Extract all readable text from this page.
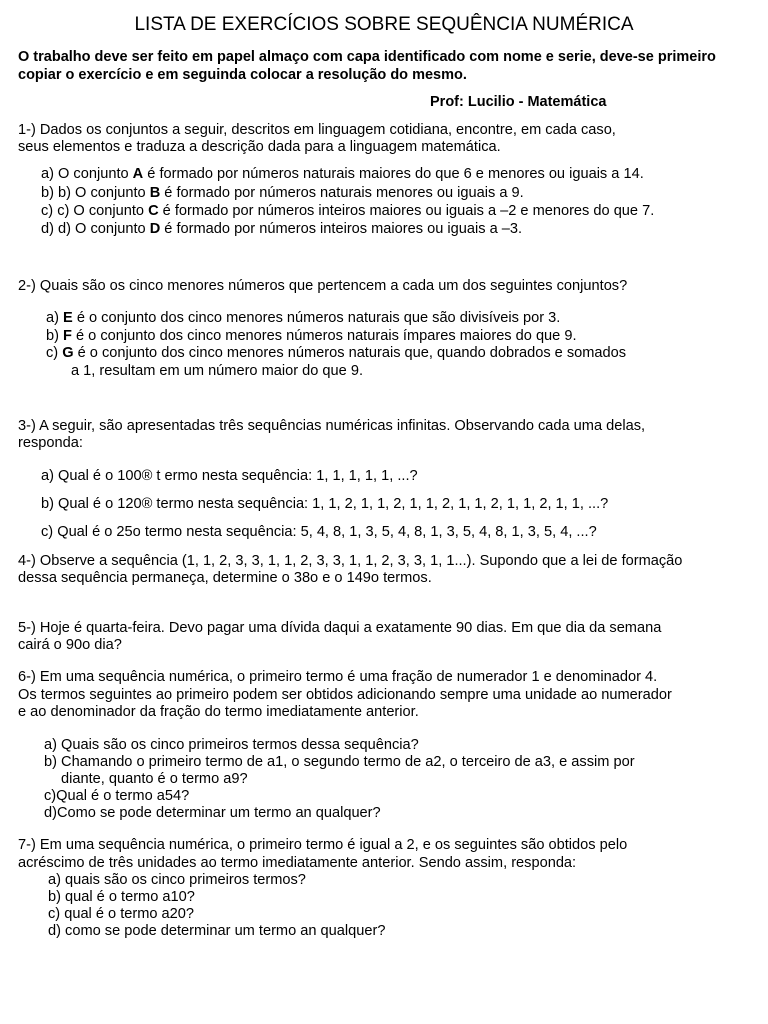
LISTA DE EXERCÍCIOS SOBRE SEQUÊNCIA NUMÉRICA
O trabalho deve ser feito em papel almaço com capa identificado com nome e serie, deve-se primeiro copiar o exercício e em seguinda colocar a resolução do mesmo.
Prof: Lucilio - Matemática
1-) Dados os conjuntos a seguir, descritos em linguagem cotidiana, encontre, em cada caso,
seus elementos e traduza a descrição dada para a linguagem matemática.
a) O conjunto A é formado por números naturais maiores do que 6 e menores ou iguais a 14.
b) b) O conjunto B é formado por números naturais menores ou iguais a 9.
c) c) O conjunto C é formado por números inteiros maiores ou iguais a –2 e menores do que 7.
d) d) O conjunto D é formado por números inteiros maiores ou iguais a –3.
2-) Quais são os cinco menores números que pertencem a cada um dos seguintes conjuntos?
a) E é o conjunto dos cinco menores números naturais que são divisíveis por 3.
b) F é o conjunto dos cinco menores números naturais ímpares maiores do que 9.
c) G é o conjunto dos cinco menores números naturais que, quando dobrados e somados
a 1, resultam em um número maior do que 9.
3-) A seguir, são apresentadas três sequências numéricas infinitas. Observando cada uma delas,
responda:
a) Qual é o 100® t ermo nesta sequência: 1, 1, 1, 1, 1, ...?
b) Qual é o 120® termo nesta sequência: 1, 1, 2, 1, 1, 2, 1, 1, 2, 1, 1, 2, 1, 1, 2, 1, 1, ...?
c) Qual é o 25o termo nesta sequência: 5, 4, 8, 1, 3, 5, 4, 8, 1, 3, 5, 4, 8, 1, 3, 5, 4, ...?
4-) Observe a sequência (1, 1, 2, 3, 3, 1, 1, 2, 3, 3, 1, 1, 2, 3, 3, 1, 1...). Supondo que a lei de formação
dessa sequência permaneça, determine o 38o e o 149o termos.
5-) Hoje é quarta-feira. Devo pagar uma dívida daqui a exatamente 90 dias. Em que dia da semana
cairá o 90o dia?
6-) Em uma sequência numérica, o primeiro termo é uma fração de numerador 1 e denominador 4.
Os termos seguintes ao primeiro podem ser obtidos adicionando sempre uma unidade ao numerador
e ao denominador da fração do termo imediatamente anterior.
a) Quais são os cinco primeiros termos dessa sequência?
b) Chamando o primeiro termo de a1, o segundo termo de a2, o terceiro de a3, e assim por
diante, quanto é o termo a9?
c)Qual é o termo a54?
d)Como se pode determinar um termo an qualquer?
7-) Em uma sequência numérica, o primeiro termo é igual a 2, e os seguintes são obtidos pelo
acréscimo de três unidades ao termo imediatamente anterior. Sendo assim, responda:
a) quais são os cinco primeiros termos?
b) qual é o termo a10?
c) qual é o termo a20?
d) como se pode determinar um termo an qualquer?
